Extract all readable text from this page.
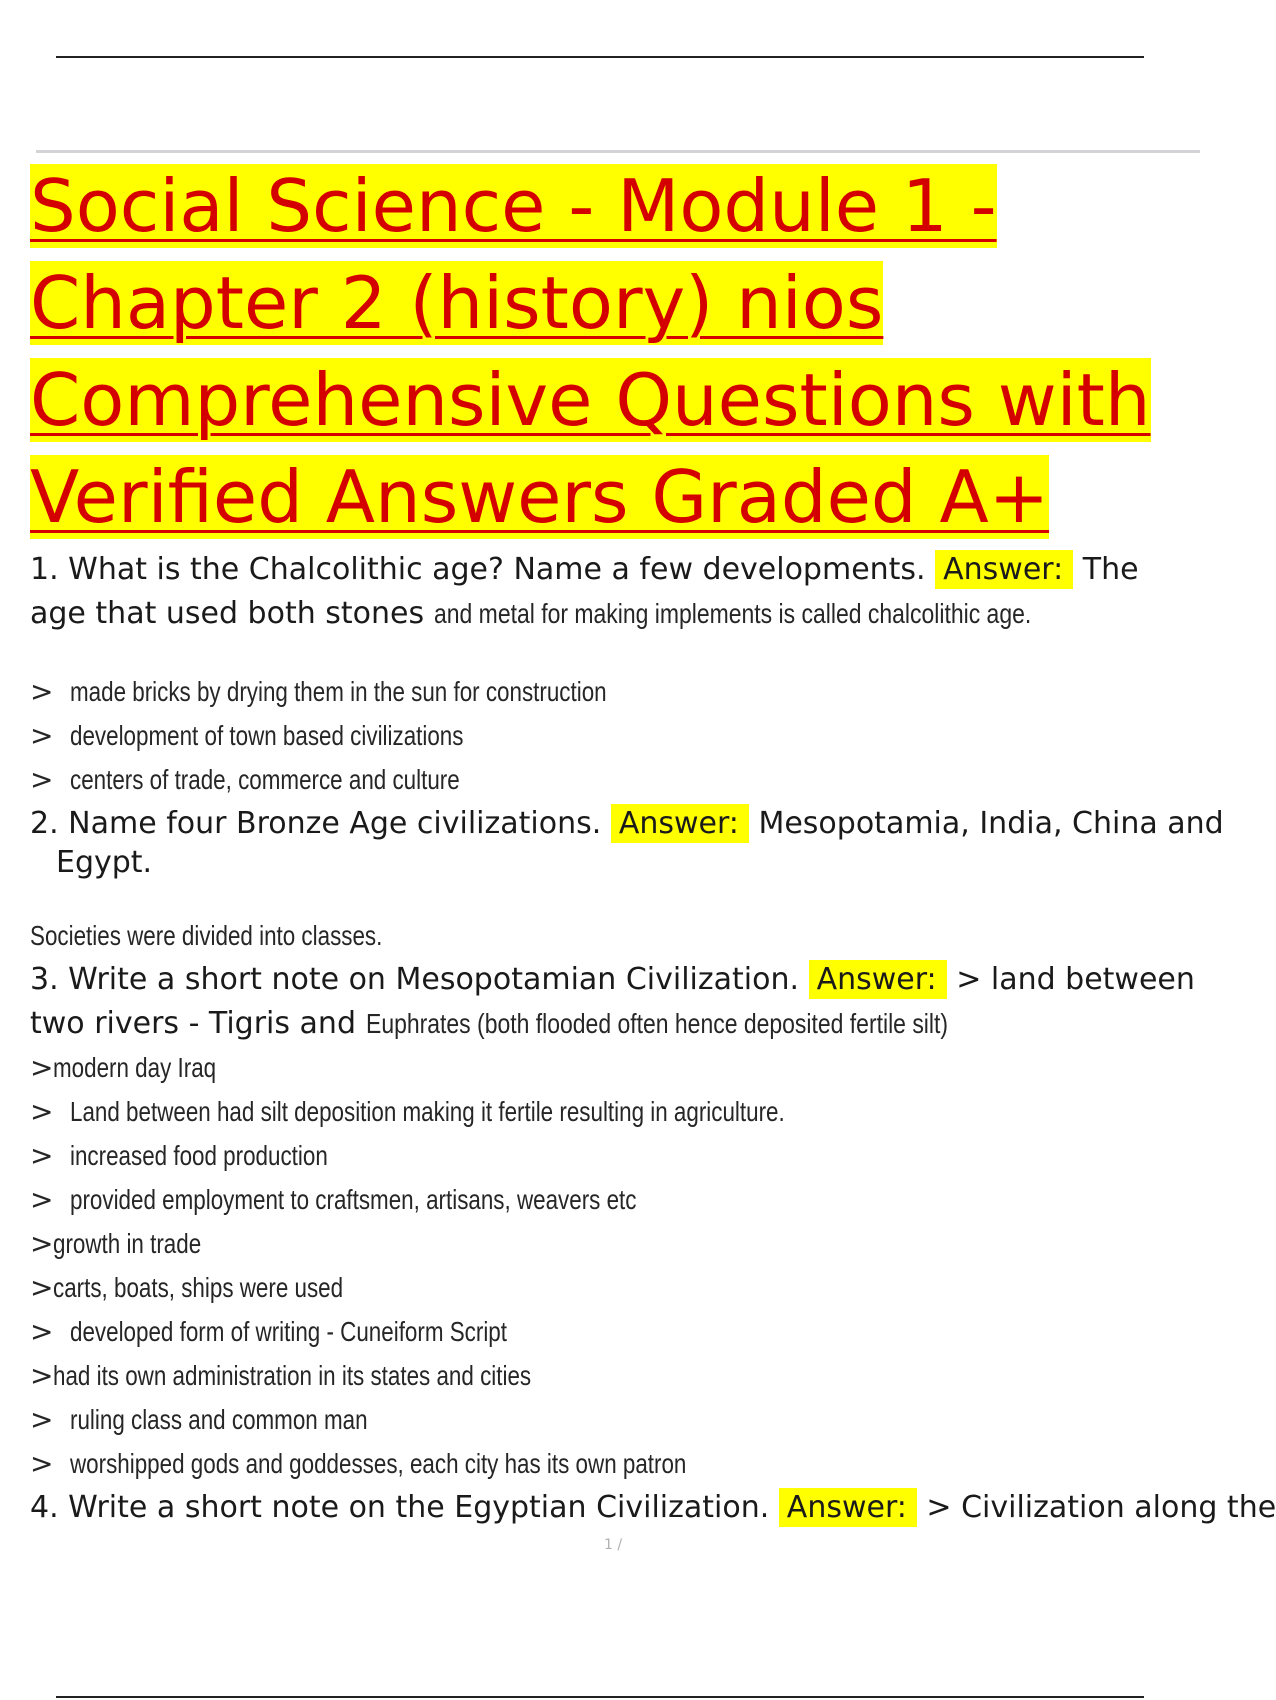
Social Science - Module 1 -
Chapter 2 (history) nios
Comprehensive Questions with
Verified Answers Graded A+
1. What is the Chalcolithic age? Name a few developments. Answer: The
age that used both stones and metal for making implements is called chalcolithic age.
> made bricks by drying them in the sun for construction
> development of town based civilizations
> centers of trade, commerce and culture
2. Name four Bronze Age civilizations. Answer: Mesopotamia, India, China and
Egypt.
Societies were divided into classes.
3. Write a short note on Mesopotamian Civilization. Answer: > land between
two rivers - Tigris and Euphrates (both flooded often hence deposited fertile silt)
>modern day Iraq
> Land between had silt deposition making it fertile resulting in agriculture.
> increased food production
> provided employment to craftsmen, artisans, weavers etc
>growth in trade
>carts, boats, ships were used
> developed form of writing - Cuneiform Script
>had its own administration in its states and cities
> ruling class and common man
> worshipped gods and goddesses, each city has its own patron
4. Write a short note on the Egyptian Civilization. Answer: > Civilization along the
1 /
